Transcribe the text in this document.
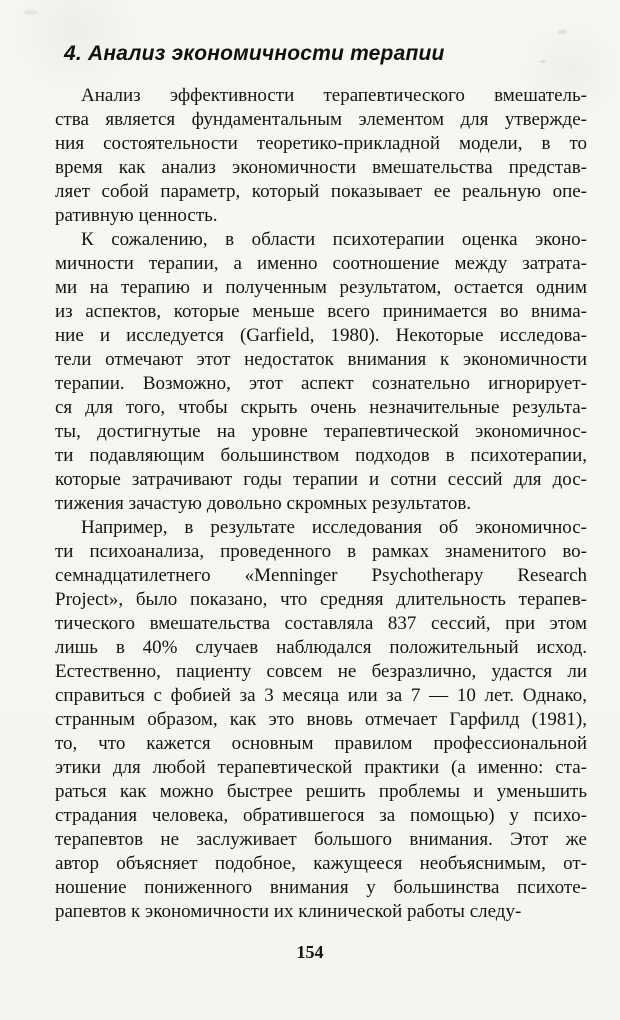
4. Анализ экономичности терапии
Анализ эффективности терапевтического вмешатель-
ства является фундаментальным элементом для утвержде-
ния состоятельности теоретико-прикладной модели, в то
время как анализ экономичности вмешательства представ-
ляет собой параметр, который показывает ее реальную опе-
ративную ценность.
К сожалению, в области психотерапии оценка эконо-
мичности терапии, а именно соотношение между затрата-
ми на терапию и полученным результатом, остается одним
из аспектов, которые меньше всего принимается во внима-
ние и исследуется (Garfield, 1980). Некоторые исследова-
тели отмечают этот недостаток внимания к экономичности
терапии. Возможно, этот аспект сознательно игнорирует-
ся для того, чтобы скрыть очень незначительные результа-
ты, достигнутые на уровне терапевтической экономичнос-
ти подавляющим большинством подходов в психотерапии,
которые затрачивают годы терапии и сотни сессий для дос-
тижения зачастую довольно скромных результатов.
Например, в результате исследования об экономичнос-
ти психоанализа, проведенного в рамках знаменитого во-
семнадцатилетнего «Menninger Psychotherapy Research
Project», было показано, что средняя длительность терапев-
тического вмешательства составляла 837 сессий, при этом
лишь в 40% случаев наблюдался положительный исход.
Естественно, пациенту совсем не безразлично, удастся ли
справиться с фобией за 3 месяца или за 7 — 10 лет. Однако,
странным образом, как это вновь отмечает Гарфилд (1981),
то, что кажется основным правилом профессиональной
этики для любой терапевтической практики (а именно: ста-
раться как можно быстрее решить проблемы и уменьшить
страдания человека, обратившегося за помощью) у психо-
терапевтов не заслуживает большого внимания. Этот же
автор объясняет подобное, кажущееся необъяснимым, от-
ношение пониженного внимания у большинства психоте-
рапевтов к экономичности их клинической работы следу-
154
